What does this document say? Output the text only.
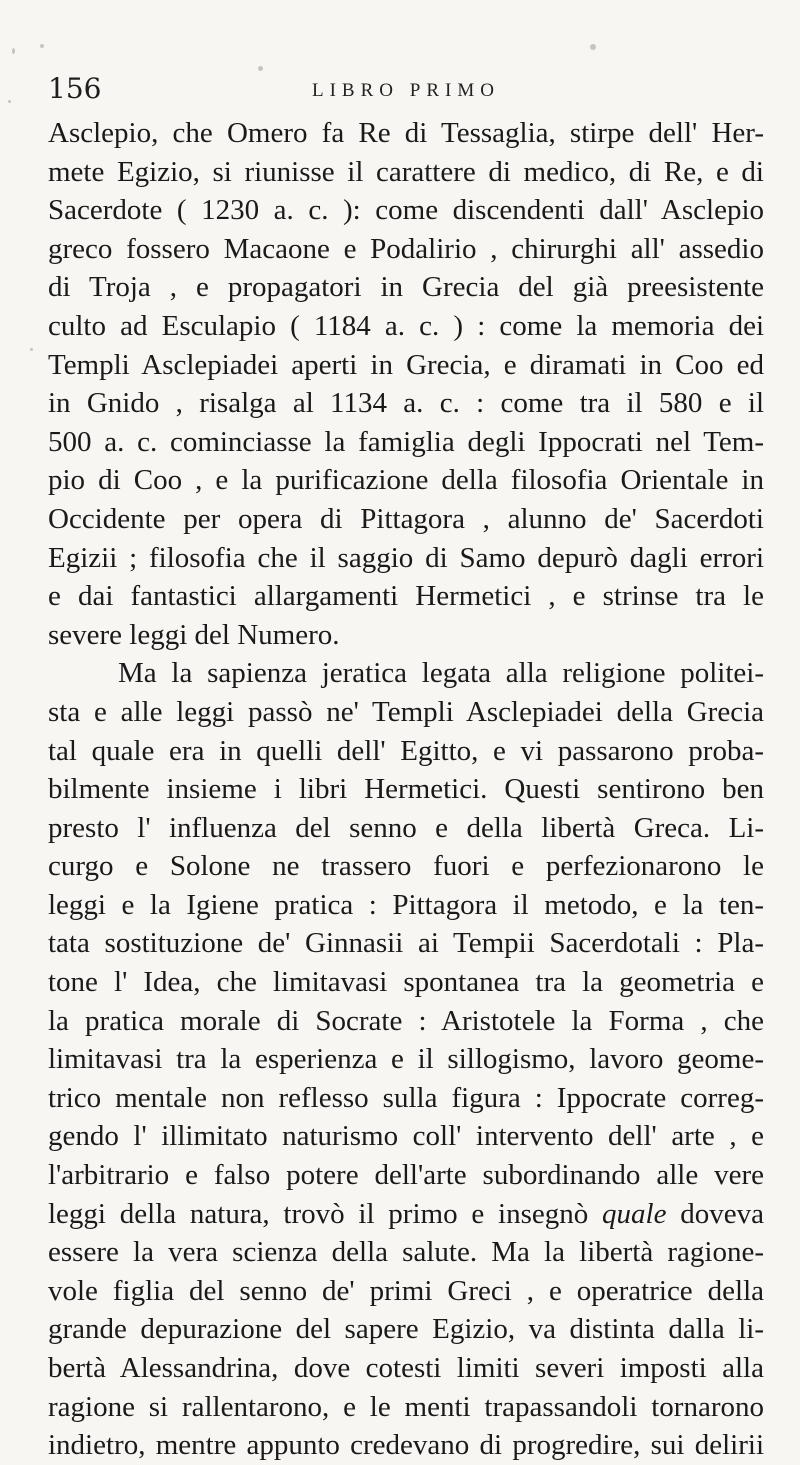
156	LIBRO PRIMO
Asclepio, che Omero fa Re di Tessaglia, stirpe dell' Her-
mete Egizio, si riunisse il carattere di medico, di Re, e di
Sacerdote ( 1230 a. c. ): come discendenti dall' Asclepio
greco fossero Macaone e Podalirio , chirurghi all' assedio
di Troja , e propagatori in Grecia del già preesistente
culto ad Esculapio ( 1184 a. c. ) : come la memoria dei
Templi Asclepiadei aperti in Grecia, e diramati in Coo ed
in Gnido , risalga al 1134 a. c. : come tra il 580 e il
500 a. c. cominciasse la famiglia degli Ippocrati nel Tem-
pio di Coo , e la purificazione della filosofia Orientale in
Occidente per opera di Pittagora , alunno de' Sacerdoti
Egizii ; filosofia che il saggio di Samo depurò dagli errori
e dai fantastici allargamenti Hermetici , e strinse tra le
severe leggi del Numero.
Ma la sapienza jeratica legata alla religione politei-
sta e alle leggi passò ne' Templi Asclepiadei della Grecia
tal quale era in quelli dell' Egitto, e vi passarono proba-
bilmente insieme i libri Hermetici. Questi sentirono ben
presto l' influenza del senno e della libertà Greca. Li-
curgo e Solone ne trassero fuori e perfezionarono le
leggi e la Igiene pratica : Pittagora il metodo, e la ten-
tata sostituzione de' Ginnasii ai Tempii Sacerdotali : Pla-
tone l' Idea, che limitavasi spontanea tra la geometria e
la pratica morale di Socrate : Aristotele la Forma , che
limitavasi tra la esperienza e il sillogismo, lavoro geome-
trico mentale non reflesso sulla figura : Ippocrate correg-
gendo l' illimitato naturismo coll' intervento dell' arte , e
l'arbitrario e falso potere dell'arte subordinando alle vere
leggi della natura, trovò il primo e insegnò quale doveva
essere la vera scienza della salute. Ma la libertà ragione-
vole figlia del senno de' primi Greci , e operatrice della
grande depurazione del sapere Egizio, va distinta dalla li-
bertà Alessandrina, dove cotesti limiti severi imposti alla
ragione si rallentarono, e le menti trapassandoli tornarono
indietro, mentre appunto credevano di progredire, sui delirii
